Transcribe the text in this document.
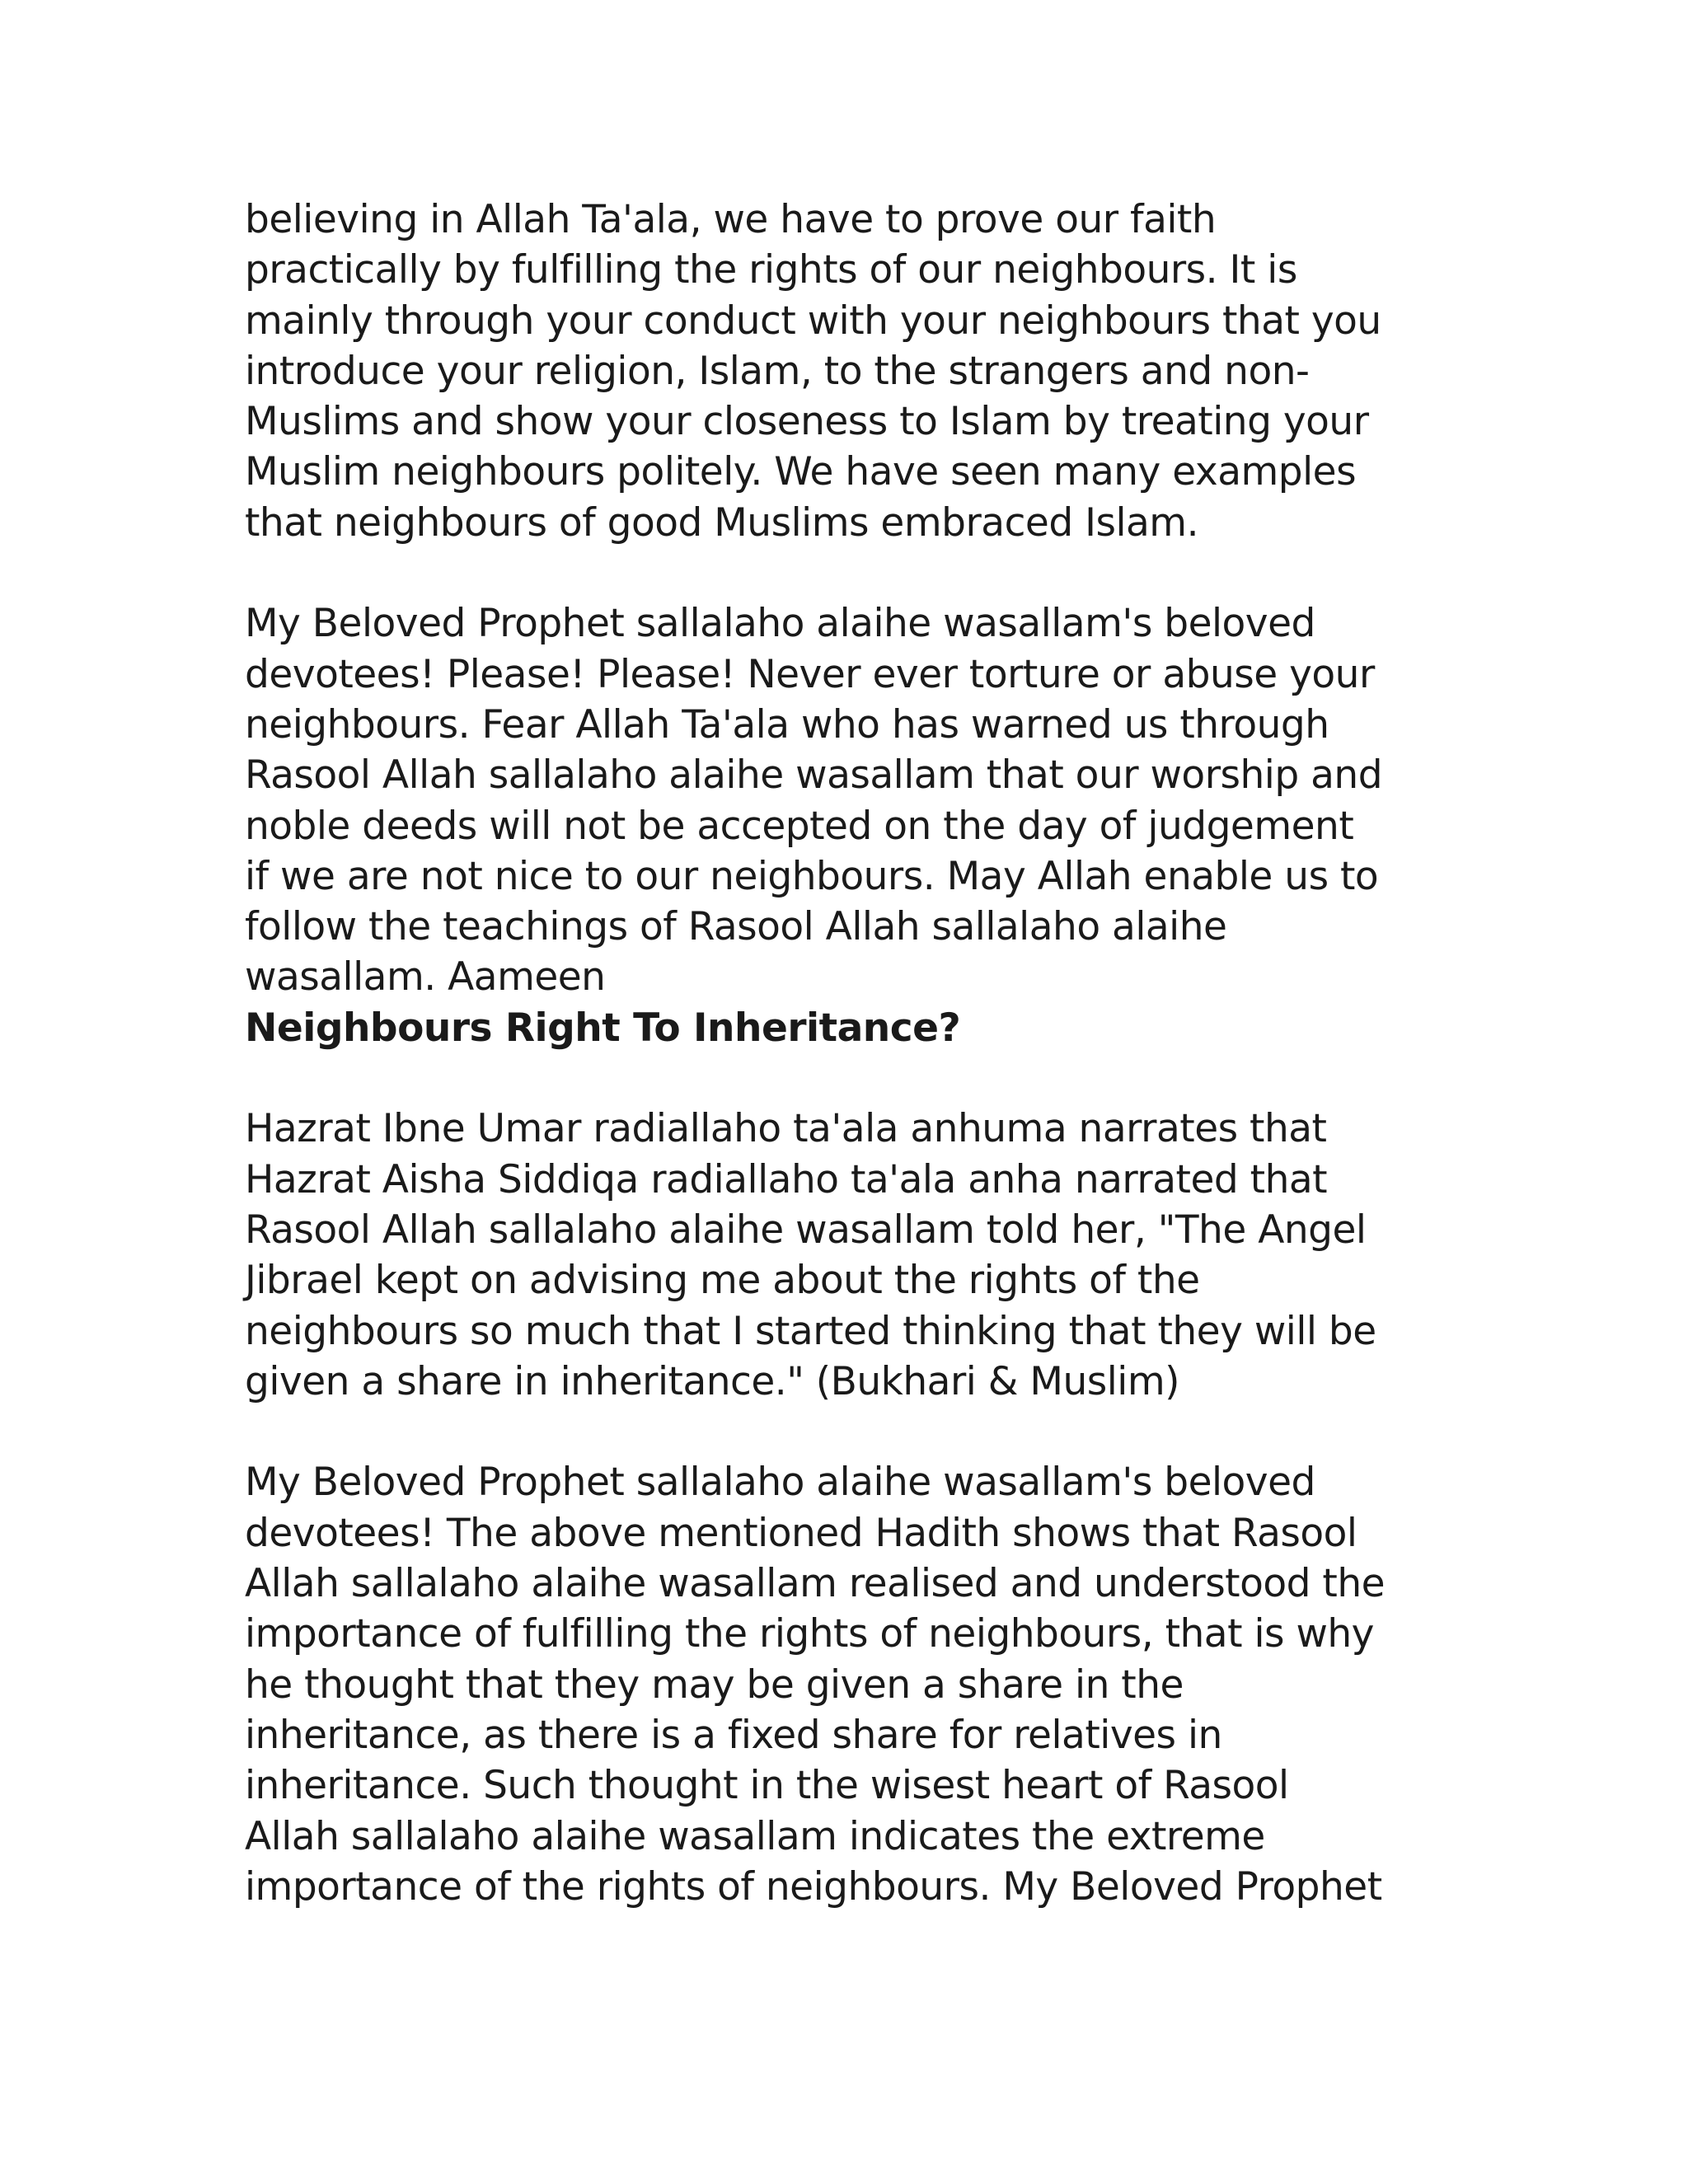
believing in Allah Ta'ala, we have to prove our faith
practically by fulfilling the rights of our neighbours. It is
mainly through your conduct with your neighbours that you
introduce your religion, Islam, to the strangers and non-
Muslims and show your closeness to Islam by treating your
Muslim neighbours politely. We have seen many examples
that neighbours of good Muslims embraced Islam.
My Beloved Prophet sallalaho alaihe wasallam's beloved
devotees! Please! Please! Never ever torture or abuse your
neighbours. Fear Allah Ta'ala who has warned us through
Rasool Allah sallalaho alaihe wasallam that our worship and
noble deeds will not be accepted on the day of judgement
if we are not nice to our neighbours. May Allah enable us to
follow the teachings of Rasool Allah sallalaho alaihe
wasallam. Aameen
Neighbours Right To Inheritance?
Hazrat Ibne Umar radiallaho ta'ala anhuma narrates that
Hazrat Aisha Siddiqa radiallaho ta'ala anha narrated that
Rasool Allah sallalaho alaihe wasallam told her, "The Angel
Jibrael kept on advising me about the rights of the
neighbours so much that I started thinking that they will be
given a share in inheritance." (Bukhari & Muslim)
My Beloved Prophet sallalaho alaihe wasallam's beloved
devotees! The above mentioned Hadith shows that Rasool
Allah sallalaho alaihe wasallam realised and understood the
importance of fulfilling the rights of neighbours, that is why
he thought that they may be given a share in the
inheritance, as there is a fixed share for relatives in
inheritance. Such thought in the wisest heart of Rasool
Allah sallalaho alaihe wasallam indicates the extreme
importance of the rights of neighbours. My Beloved Prophet
